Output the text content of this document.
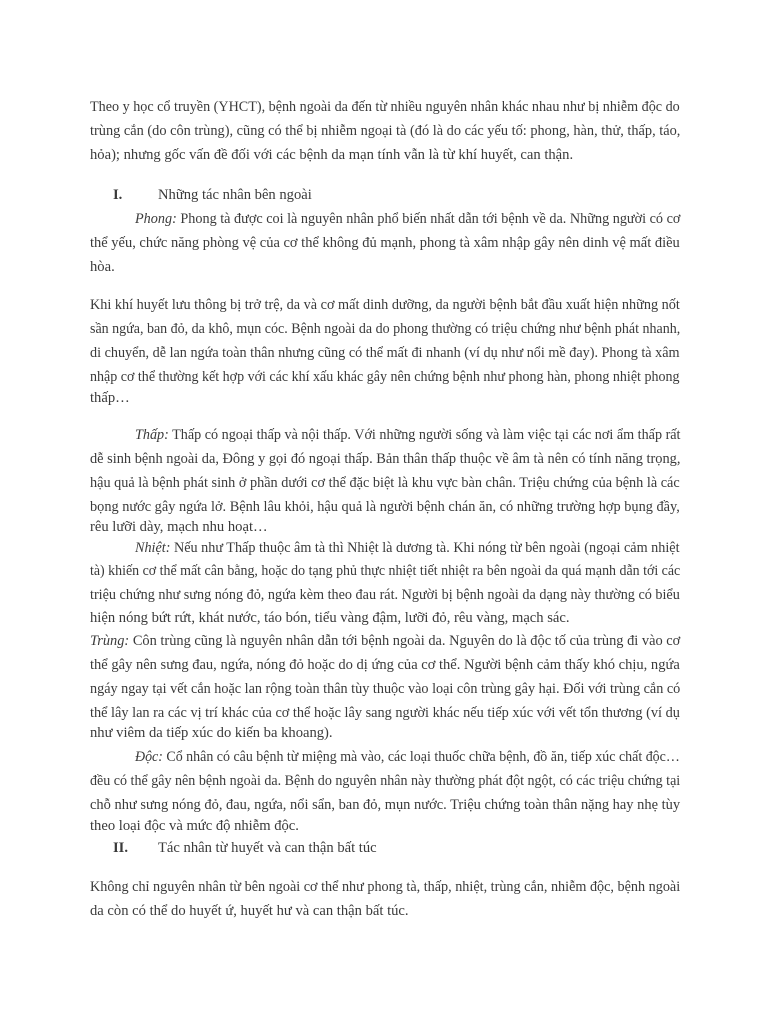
Theo y học cổ truyền (YHCT), bệnh ngoài da đến từ nhiều nguyên nhân khác nhau như bị nhiễm độc do
trùng cắn (do côn trùng), cũng có thể bị nhiễm ngoại tà (đó là do các yếu tố: phong, hàn, thử, thấp, táo,
hỏa); nhưng gốc vấn đề đối với các bệnh da mạn tính vẫn là từ khí huyết, can thận.
I. Những tác nhân bên ngoài
Phong: Phong tà được coi là nguyên nhân phổ biến nhất dẫn tới bệnh về da. Những người có cơ
thể yếu, chức năng phòng vệ của cơ thể không đủ mạnh, phong tà xâm nhập gây nên dinh vệ mất điều
hòa.
Khi khí huyết lưu thông bị trở trệ, da và cơ mất dinh dưỡng, da người bệnh bắt đầu xuất hiện những nốt
sần ngứa, ban đỏ, da khô, mụn cóc. Bệnh ngoài da do phong thường có triệu chứng như bệnh phát nhanh,
di chuyển, dễ lan ngứa toàn thân nhưng cũng có thể mất đi nhanh (ví dụ như nổi mề đay). Phong tà xâm
nhập cơ thể thường kết hợp với các khí xấu khác gây nên chứng bệnh như phong hàn, phong nhiệt phong
thấp…
Thấp: Thấp có ngoại thấp và nội thấp. Với những người sống và làm việc tại các nơi ẩm thấp rất
dễ sinh bệnh ngoài da, Đông y gọi đó ngoại thấp. Bản thân thấp thuộc về âm tà nên có tính năng trọng,
hậu quả là bệnh phát sinh ở phần dưới cơ thể đặc biệt là khu vực bàn chân. Triệu chứng của bệnh là các
bọng nước gây ngứa lở. Bệnh lâu khỏi, hậu quả là người bệnh chán ăn, có những trường hợp bụng đầy,
rêu lưỡi dày, mạch nhu hoạt…
Nhiệt: Nếu như Thấp thuộc âm tà thì Nhiệt là dương tà. Khi nóng từ bên ngoài (ngoại cảm nhiệt
tà) khiến cơ thể mất cân bằng, hoặc do tạng phủ thực nhiệt tiết nhiệt ra bên ngoài da quá mạnh dẫn tới các
triệu chứng như sưng nóng đỏ, ngứa kèm theo đau rát. Người bị bệnh ngoài da dạng này thường có biểu
hiện nóng bứt rứt, khát nước, táo bón, tiểu vàng đậm, lưỡi đỏ, rêu vàng, mạch sác.
Trùng: Côn trùng cũng là nguyên nhân dẫn tới bệnh ngoài da. Nguyên do là độc tố của trùng đi vào cơ
thể gây nên sưng đau, ngứa, nóng đỏ hoặc do dị ứng của cơ thể. Người bệnh cảm thấy khó chịu, ngứa
ngáy ngay tại vết cắn hoặc lan rộng toàn thân tùy thuộc vào loại côn trùng gây hại. Đối với trùng cắn có
thể lây lan ra các vị trí khác của cơ thể hoặc lây sang người khác nếu tiếp xúc với vết tổn thương (ví dụ
như viêm da tiếp xúc do kiến ba khoang).
Độc: Cổ nhân có câu bệnh từ miệng mà vào, các loại thuốc chữa bệnh, đồ ăn, tiếp xúc chất độc…
đều có thể gây nên bệnh ngoài da. Bệnh do nguyên nhân này thường phát đột ngột, có các triệu chứng tại
chỗ như sưng nóng đỏ, đau, ngứa, nổi sẩn, ban đỏ, mụn nước. Triệu chứng toàn thân nặng hay nhẹ tùy
theo loại độc và mức độ nhiễm độc.
II. Tác nhân từ huyết và can thận bất túc
Không chỉ nguyên nhân từ bên ngoài cơ thể như phong tà, thấp, nhiệt, trùng cắn, nhiễm độc, bệnh ngoài
da còn có thể do huyết ứ, huyết hư và can thận bất túc.
